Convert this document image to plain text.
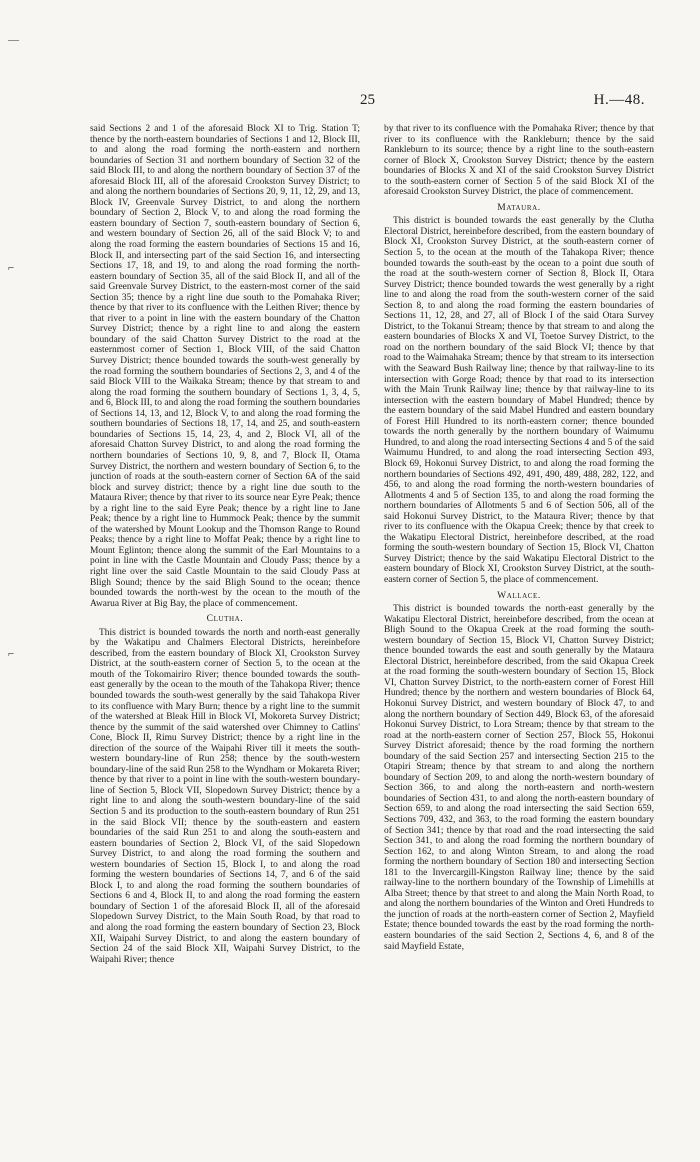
—
⌐
⌐
25	H.—48.

said Sections 2 and 1 of the aforesaid Block XI to Trig. Station T; thence by the north-eastern boundaries of Sections 1 and 12, Block III, to and along the road forming the north-eastern and northern boundaries of Section 31 and northern boundary of Section 32 of the said Block III, to and along the northern boundary of Section 37 of the aforesaid Block III, all of the aforesaid Crookston Survey District; to and along the northern boundaries of Sections 20, 9, 11, 12, 29, and 13, Block IV, Greenvale Survey District, to and along the northern boundary of Section 2, Block V, to and along the road forming the eastern boundary of Section 7, south-eastern boundary of Section 6, and western boundary of Section 26, all of the said Block V; to and along the road forming the eastern boundaries of Sections 15 and 16, Block II, and intersecting part of the said Section 16, and intersecting Sections 17, 18, and 19, to and along the road forming the north-eastern boundary of Section 35, all of the said Block II, and all of the said Greenvale Survey District, to the eastern-most corner of the said Section 35; thence by a right line due south to the Pomahaka River; thence by that river to its confluence with the Leithen River; thence by that river to a point in line with the eastern boundary of the Chatton Survey District; thence by a right line to and along the eastern boundary of the said Chatton Survey District to the road at the easternmost corner of Section 1, Block VIII, of the said Chatton Survey District; thence bounded towards the south-west generally by the road forming the southern boundaries of Sections 2, 3, and 4 of the said Block VIII to the Waikaka Stream; thence by that stream to and along the road forming the southern boundary of Sections 1, 3, 4, 5, and 6, Block III, to and along the road forming the southern boundaries of Sections 14, 13, and 12, Block V, to and along the road forming the southern boundaries of Sections 18, 17, 14, and 25, and south-eastern boundaries of Sections 15, 14, 23, 4, and 2, Block VI, all of the aforesaid Chatton Survey District, to and along the road forming the northern boundaries of Sections 10, 9, 8, and 7, Block II, Otama Survey District, the northern and western boundary of Section 6, to the junction of roads at the south-eastern corner of Section 6A of the said block and survey district; thence by a right line due south to the Mataura River; thence by that river to its source near Eyre Peak; thence by a right line to the said Eyre Peak; thence by a right line to Jane Peak; thence by a right line to Hummock Peak; thence by the summit of the watershed by Mount Lookup and the Thomson Range to Round Peaks; thence by a right line to Moffat Peak; thence by a right line to Mount Eglinton; thence along the summit of the Earl Mountains to a point in line with the Castle Mountain and Cloudy Pass; thence by a right line over the said Castle Mountain to the said Cloudy Pass at Bligh Sound; thence by the said Bligh Sound to the ocean; thence bounded towards the north-west by the ocean to the mouth of the Awarua River at Big Bay, the place of commencement.

Clutha.

This district is bounded towards the north and north-east generally by the Wakatipu and Chalmers Electoral Districts, hereinbefore described, from the eastern boundary of Block XI, Crookston Survey District, at the south-eastern corner of Section 5, to the ocean at the mouth of the Tokomairiro River; thence bounded towards the south-east generally by the ocean to the mouth of the Tahakopa River; thence bounded towards the south-west generally by the said Tahakopa River to its confluence with Mary Burn; thence by a right line to the summit of the watershed at Bleak Hill in Block VI, Mokoreta Survey District; thence by the summit of the said watershed over Chimney to Catlins' Cone, Block II, Rimu Survey District; thence by a right line in the direction of the source of the Waipahi River till it meets the south-western boundary-line of Run 258; thence by the south-western boundary-line of the said Run 258 to the Wyndham or Mokareta River; thence by that river to a point in line with the south-western boundary-line of Section 5, Block VII, Slopedown Survey District; thence by a right line to and along the south-western boundary-line of the said Section 5 and its production to the south-eastern boundary of Run 251 in the said Block VII; thence by the south-eastern and eastern boundaries of the said Run 251 to and along the south-eastern and eastern boundaries of Section 2, Block VI, of the said Slopedown Survey District, to and along the road forming the southern and western boundaries of Section 15, Block I, to and along the road forming the western boundaries of Sections 14, 7, and 6 of the said Block I, to and along the road forming the southern boundaries of Sections 6 and 4, Block II, to and along the road forming the eastern boundary of Section 1 of the aforesaid Block II, all of the aforesaid Slopedown Survey District, to the Main South Road, by that road to and along the road forming the eastern boundary of Section 23, Block XII, Waipahi Survey District, to and along the eastern boundary of Section 24 of the said Block XII, Waipahi Survey District, to the Waipahi River; thence

by that river to its confluence with the Pomahaka River; thence by that river to its confluence with the Rankleburn; thence by the said Rankleburn to its source; thence by a right line to the south-eastern corner of Block X, Crookston Survey District; thence by the eastern boundaries of Blocks X and XI of the said Crookston Survey District to the south-eastern corner of Section 5 of the said Block XI of the aforesaid Crookston Survey District, the place of commencement.

Mataura.

This district is bounded towards the east generally by the Clutha Electoral District, hereinbefore described, from the eastern boundary of Block XI, Crookston Survey District, at the south-eastern corner of Section 5, to the ocean at the mouth of the Tahakopa River; thence bounded towards the south-east by the ocean to a point due south of the road at the south-western corner of Section 8, Block II, Otara Survey District; thence bounded towards the west generally by a right line to and along the road from the south-western corner of the said Section 8, to and along the road forming the eastern boundaries of Sections 11, 12, 28, and 27, all of Block I of the said Otara Survey District, to the Tokanui Stream; thence by that stream to and along the eastern boundaries of Blocks X and VI, Toetoe Survey District, to the road on the northern boundary of the said Block VI; thence by that road to the Waimahaka Stream; thence by that stream to its intersection with the Seaward Bush Railway line; thence by that railway-line to its intersection with Gorge Road; thence by that road to its intersection with the Main Trunk Railway line; thence by that railway-line to its intersection with the eastern boundary of Mabel Hundred; thence by the eastern boundary of the said Mabel Hundred and eastern boundary of Forest Hill Hundred to its north-eastern corner; thence bounded towards the north generally by the northern boundary of Waimumu Hundred, to and along the road intersecting Sections 4 and 5 of the said Waimumu Hundred, to and along the road intersecting Section 493, Block 69, Hokonui Survey District, to and along the road forming the northern boundaries of Sections 492, 491, 490, 489, 488, 282, 122, and 456, to and along the road forming the north-western boundaries of Allotments 4 and 5 of Section 135, to and along the road forming the northern boundaries of Allotments 5 and 6 of Section 506, all of the said Hokonui Survey District, to the Mataura River; thence by that river to its confluence with the Okapua Creek; thence by that creek to the Wakatipu Electoral District, hereinbefore described, at the road forming the south-western boundary of Section 15, Block VI, Chatton Survey District; thence by the said Wakatipu Electoral District to the eastern boundary of Block XI, Crookston Survey District, at the south-eastern corner of Section 5, the place of commencement.

Wallace.

This district is bounded towards the north-east generally by the Wakatipu Electoral District, hereinbefore described, from the ocean at Bligh Sound to the Okapua Creek at the road forming the south-western boundary of Section 15, Block VI, Chatton Survey District; thence bounded towards the east and south generally by the Mataura Electoral District, hereinbefore described, from the said Okapua Creek at the road forming the south-western boundary of Section 15, Block VI, Chatton Survey District, to the north-eastern corner of Forest Hill Hundred; thence by the northern and western boundaries of Block 64, Hokonui Survey District, and western boundary of Block 47, to and along the northern boundary of Section 449, Block 63, of the aforesaid Hokonui Survey District, to Lora Stream; thence by that stream to the road at the north-eastern corner of Section 257, Block 55, Hokonui Survey District aforesaid; thence by the road forming the northern boundary of the said Section 257 and intersecting Section 215 to the Otapiri Stream; thence by that stream to and along the northern boundary of Section 209, to and along the north-western boundary of Section 366, to and along the north-eastern and north-western boundaries of Section 431, to and along the north-eastern boundary of Section 659, to and along the road intersecting the said Section 659, Sections 709, 432, and 363, to the road forming the eastern boundary of Section 341; thence by that road and the road intersecting the said Section 341, to and along the road forming the northern boundary of Section 162, to and along Winton Stream, to and along the road forming the northern boundary of Section 180 and intersecting Section 181 to the Invercargill-Kingston Railway line; thence by the said railway-line to the northern boundary of the Township of Limehills at Alba Street; thence by that street to and along the Main North Road, to and along the northern boundaries of the Winton and Oreti Hundreds to the junction of roads at the north-eastern corner of Section 2, Mayfield Estate; thence bounded towards the east by the road forming the north-eastern boundaries of the said Section 2, Sections 4, 6, and 8 of the said Mayfield Estate,
